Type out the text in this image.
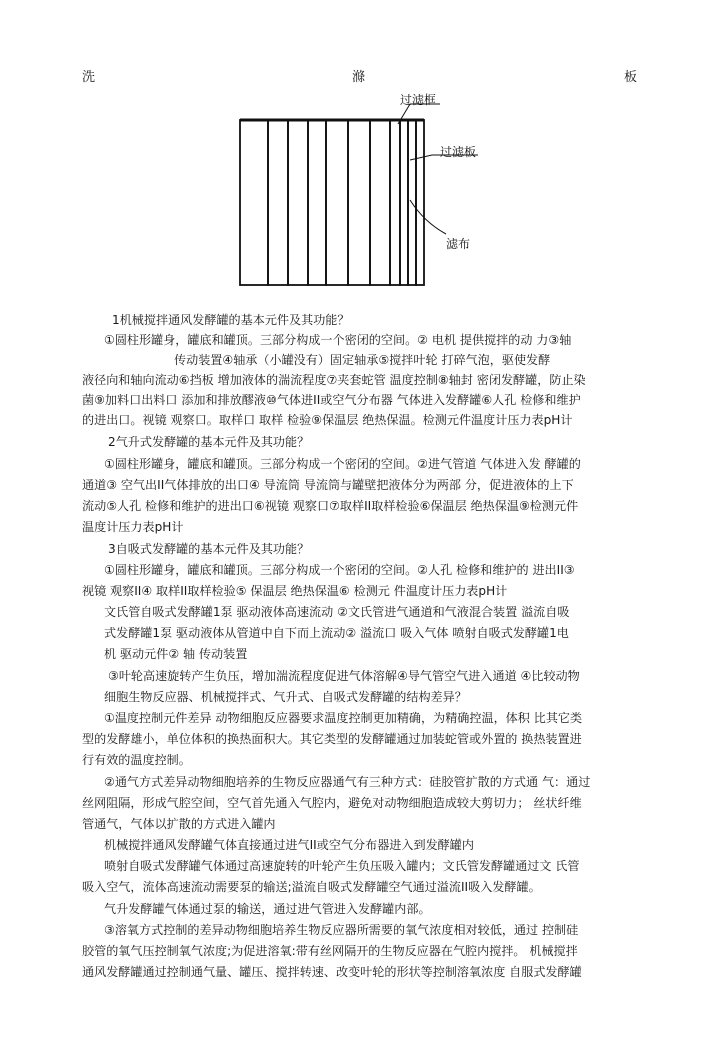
洗	滌	板
过滤框
过滤板
滤布
1机械搅拌通风发酵罐的基本元件及其功能？
①圆柱形罐身，罐底和罐顶。三部分构成一个密闭的空间。② 电机 提供搅拌的动 力③轴
传动装置④轴承（小罐没有）固定轴承⑤搅拌叶轮 打碎气泡，驱使发酵
液径向和轴向流动⑥挡板 增加液体的湍流程度⑦夹套蛇管 温度控制⑧轴封 密闭发酵罐，防止染
菌⑨加料口出料口 添加和排放醪液⑩气体进II或空气分布器 气体进入发酵罐⑥人孔 检修和维护
的进出口。视镜 观察口。取样口 取样 检验⑨保温层 绝热保温。检测元件温度计压力表pH计
2气升式发酵罐的基本元件及其功能？
①圆柱形罐身，罐底和罐顶。三部分构成一个密闭的空间。②进气管道 气体进入发 酵罐的
通道③ 空气出II气体排放的出口④ 导流筒 导流筒与罐壁把液体分为两部 分，促进液体的上下
流动⑤人孔 检修和维护的进出口⑥视镜 观察口⑦取样II取样检验⑥保温层 绝热保温⑨检测元件
温度计压力表pH计
3自吸式发酵罐的基本元件及其功能？
①圆柱形罐身，罐底和罐顶。三部分构成一个密闭的空间。②人孔 检修和维护的 进出II③
视镜 观察II④ 取样II取样检验⑤ 保温层 绝热保温⑥ 检测元 件温度计压力表pH计
文氏管自吸式发酵罐1泵 驱动液体高速流动 ②文氏管进气通道和气液混合装置 溢流自吸
式发酵罐1泵 驱动液体从管道中自下而上流动② 溢流口 吸入气体 喷射自吸式发酵罐1电
机 驱动元件② 轴 传动装置
③叶轮高速旋转产生负压，增加湍流程度促进气体溶解④导气管空气进入通道 ④比较动物
细胞生物反应器、机械搅拌式、气升式、自吸式发酵罐的结构差异？
①温度控制元件差异 动物细胞反应器要求温度控制更加精确，为精确控温，体积 比其它类
型的发酵雄小，单位体积的换热面积大。其它类型的发酵罐通过加装蛇管或外置的 换热装置进
行有效的温度控制。
②通气方式差异动物细胞培养的生物反应器通气有三种方式：硅胶管扩散的方式通 气：通过
丝网阻隔，形成气腔空间，空气首先通入气腔内，避免对动物细胞造成较大剪切力； 丝状纤维
管通气，气体以扩散的方式进入罐内
机械搅拌通风发酵罐气体直接通过进气II或空气分布器进入到发酵罐内
喷射自吸式发酵罐气体通过高速旋转的叶轮产生负压吸入罐内；文氏管发酵罐通过文 氏管
吸入空气，流体高速流动需要泵的输送;溢流自吸式发酵罐空气通过溢流II吸入发酵罐。
气升发酵罐气体通过泵的输送，通过进气管进入发酵罐内部。
③溶氧方式控制的差异动物细胞培养生物反应器所需要的氧气浓度相对较低，通过 控制硅
胶管的氧气压控制氧气浓度;为促进溶氧:带有丝网隔开的生物反应器在气腔内搅拌。 机械搅拌
通风发酵罐通过控制通气量、罐压、搅拌转速、改变叶轮的形状等控制溶氧浓度 自服式发酵罐
